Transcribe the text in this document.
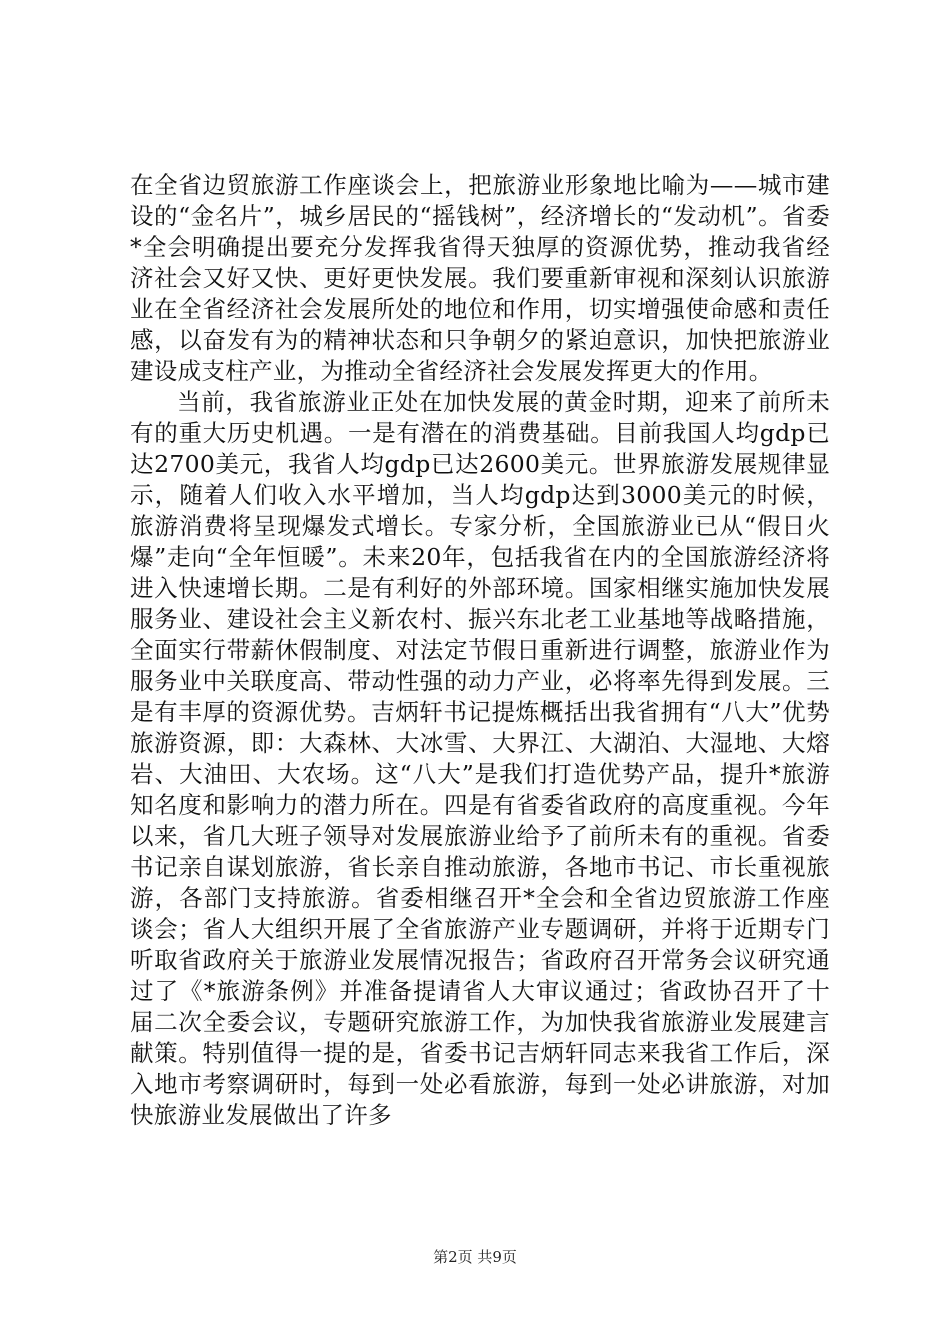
在全省边贸旅游工作座谈会上，把旅游业形象地比喻为——城市建设的“金名片”，城乡居民的“摇钱树”，经济增长的“发动机”。省委*全会明确提出要充分发挥我省得天独厚的资源优势，推动我省经济社会又好又快、更好更快发展。我们要重新审视和深刻认识旅游业在全省经济社会发展所处的地位和作用，切实增强使命感和责任感，以奋发有为的精神状态和只争朝夕的紧迫意识，加快把旅游业建设成支柱产业，为推动全省经济社会发展发挥更大的作用。

当前，我省旅游业正处在加快发展的黄金时期，迎来了前所未有的重大历史机遇。一是有潜在的消费基础。目前我国人均gdp已达2700美元，我省人均gdp已达2600美元。世界旅游发展规律显示，随着人们收入水平增加，当人均gdp达到3000美元的时候，旅游消费将呈现爆发式增长。专家分析，全国旅游业已从“假日火爆”走向“全年恒暖”。未来20年，包括我省在内的全国旅游经济将进入快速增长期。二是有利好的外部环境。国家相继实施加快发展服务业、建设社会主义新农村、振兴东北老工业基地等战略措施，全面实行带薪休假制度、对法定节假日重新进行调整，旅游业作为服务业中关联度高、带动性强的动力产业，必将率先得到发展。三是有丰厚的资源优势。吉炳轩书记提炼概括出我省拥有“八大”优势旅游资源，即：大森林、大冰雪、大界江、大湖泊、大湿地、大熔岩、大油田、大农场。这“八大”是我们打造优势产品，提升*旅游知名度和影响力的潜力所在。四是有省委省政府的高度重视。今年以来，省几大班子领导对发展旅游业给予了前所未有的重视。省委书记亲自谋划旅游，省长亲自推动旅游，各地市书记、市长重视旅游，各部门支持旅游。省委相继召开*全会和全省边贸旅游工作座谈会；省人大组织开展了全省旅游产业专题调研，并将于近期专门听取省政府关于旅游业发展情况报告；省政府召开常务会议研究通过了《*旅游条例》并准备提请省人大审议通过；省政协召开了十届二次全委会议，专题研究旅游工作，为加快我省旅游业发展建言献策。特别值得一提的是，省委书记吉炳轩同志来我省工作后，深入地市考察调研时，每到一处必看旅游，每到一处必讲旅游，对加快旅游业发展做出了许多

第2页 共9页
